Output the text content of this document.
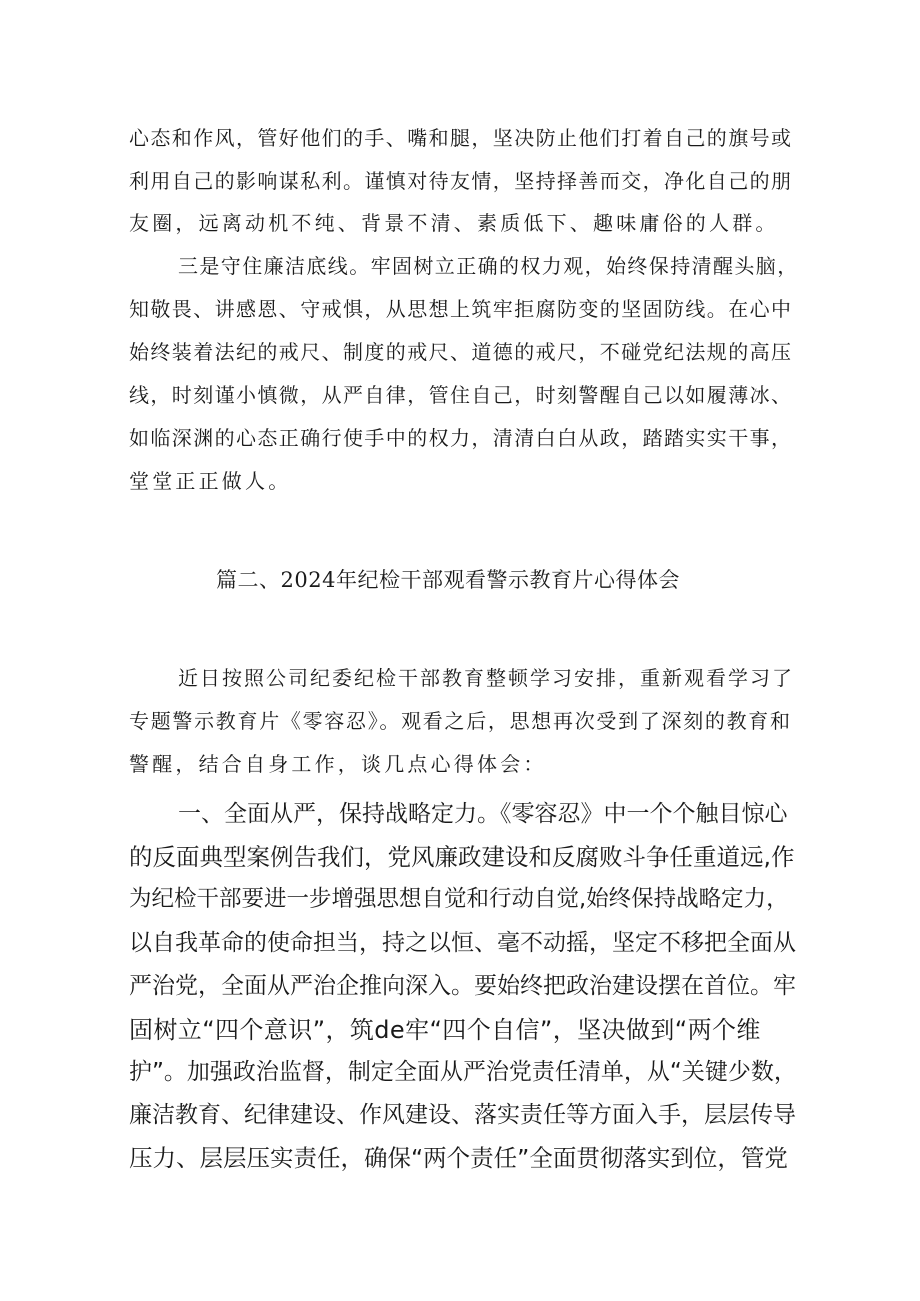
心态和作风，管好他们的手、嘴和腿，坚决防止他们打着自己的旗号或
利用自己的影响谋私利。谨慎对待友情，坚持择善而交，净化自己的朋
友圈，远离动机不纯、背景不清、素质低下、趣味庸俗的人群。
三是守住廉洁底线。牢固树立正确的权力观，始终保持清醒头脑，
知敬畏、讲感恩、守戒惧，从思想上筑牢拒腐防变的坚固防线。在心中
始终装着法纪的戒尺、制度的戒尺、道德的戒尺，不碰党纪法规的高压
线，时刻谨小慎微，从严自律，管住自己，时刻警醒自己以如履薄冰、
如临深渊的心态正确行使手中的权力，清清白白从政，踏踏实实干事，
堂堂正正做人。
篇二、2024年纪检干部观看警示教育片心得体会
近日按照公司纪委纪检干部教育整顿学习安排，重新观看学习了
专题警示教育片《零容忍》。观看之后，思想再次受到了深刻的教育和
警醒，结合自身工作，谈几点心得体会：
一、全面从严，保持战略定力。《零容忍》中一个个触目惊心
的反面典型案例告我们，党风廉政建设和反腐败斗争任重道远,作
为纪检干部要进一步增强思想自觉和行动自觉,始终保持战略定力，
以自我革命的使命担当，持之以恒、毫不动摇，坚定不移把全面从
严治党，全面从严治企推向深入。要始终把政治建设摆在首位。牢
固树立“四个意识”，筑de牢“四个自信”，坚决做到“两个维
护”。加强政治监督，制定全面从严治党责任清单，从“关键少数，
廉洁教育、纪律建设、作风建设、落实责任等方面入手，层层传导
压力、层层压实责任，确保“两个责任”全面贯彻落实到位，管党
